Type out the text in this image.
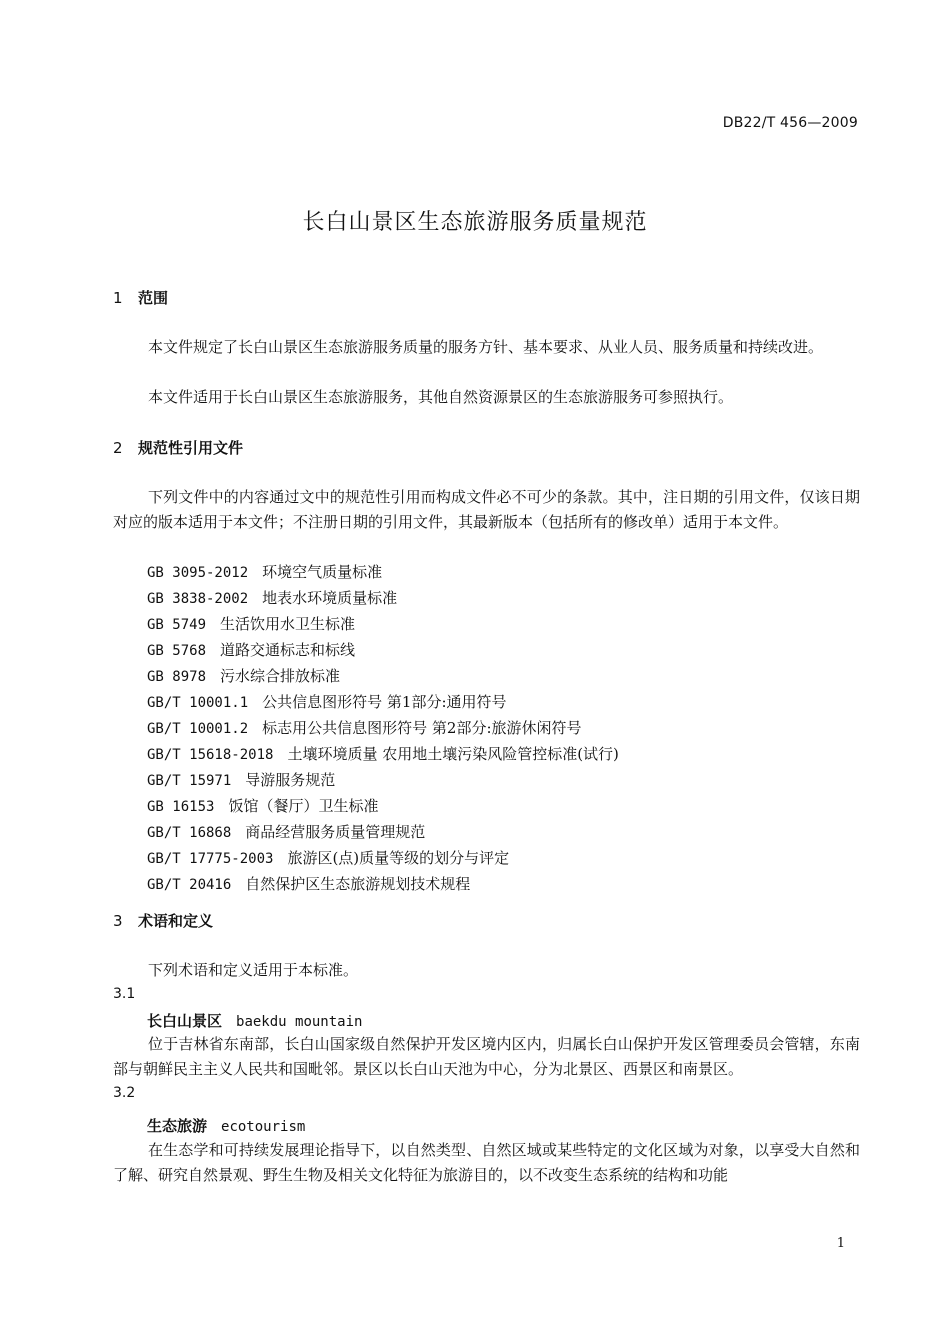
DB22/T 456—2009
长白山景区生态旅游服务质量规范
1 范围
本文件规定了长白山景区生态旅游服务质量的服务方针、基本要求、从业人员、服务质量和持续改进。
本文件适用于长白山景区生态旅游服务，其他自然资源景区的生态旅游服务可参照执行。
2 规范性引用文件
下列文件中的内容通过文中的规范性引用而构成文件必不可少的条款。其中，注日期的引用文件，仅该日期对应的版本适用于本文件；不注册日期的引用文件，其最新版本（包括所有的修改单）适用于本文件。
GB 3095-2012 环境空气质量标准
GB 3838-2002 地表水环境质量标准
GB 5749 生活饮用水卫生标准
GB 5768 道路交通标志和标线
GB 8978 污水综合排放标准
GB/T 10001.1 公共信息图形符号 第1部分:通用符号
GB/T 10001.2 标志用公共信息图形符号 第2部分:旅游休闲符号
GB/T 15618-2018 土壤环境质量 农用地土壤污染风险管控标准(试行)
GB/T 15971 导游服务规范
GB 16153 饭馆（餐厅）卫生标准
GB/T 16868 商品经营服务质量管理规范
GB/T 17775-2003 旅游区(点)质量等级的划分与评定
GB/T 20416 自然保护区生态旅游规划技术规程
3 术语和定义
下列术语和定义适用于本标准。
3.1
长白山景区 baekdu mountain
位于吉林省东南部，长白山国家级自然保护开发区境内区内，归属长白山保护开发区管理委员会管辖，东南部与朝鲜民主主义人民共和国毗邻。景区以长白山天池为中心，分为北景区、西景区和南景区。
3.2
生态旅游 ecotourism
在生态学和可持续发展理论指导下，以自然类型、自然区域或某些特定的文化区域为对象，以享受大自然和了解、研究自然景观、野生生物及相关文化特征为旅游目的，以不改变生态系统的结构和功能
1
